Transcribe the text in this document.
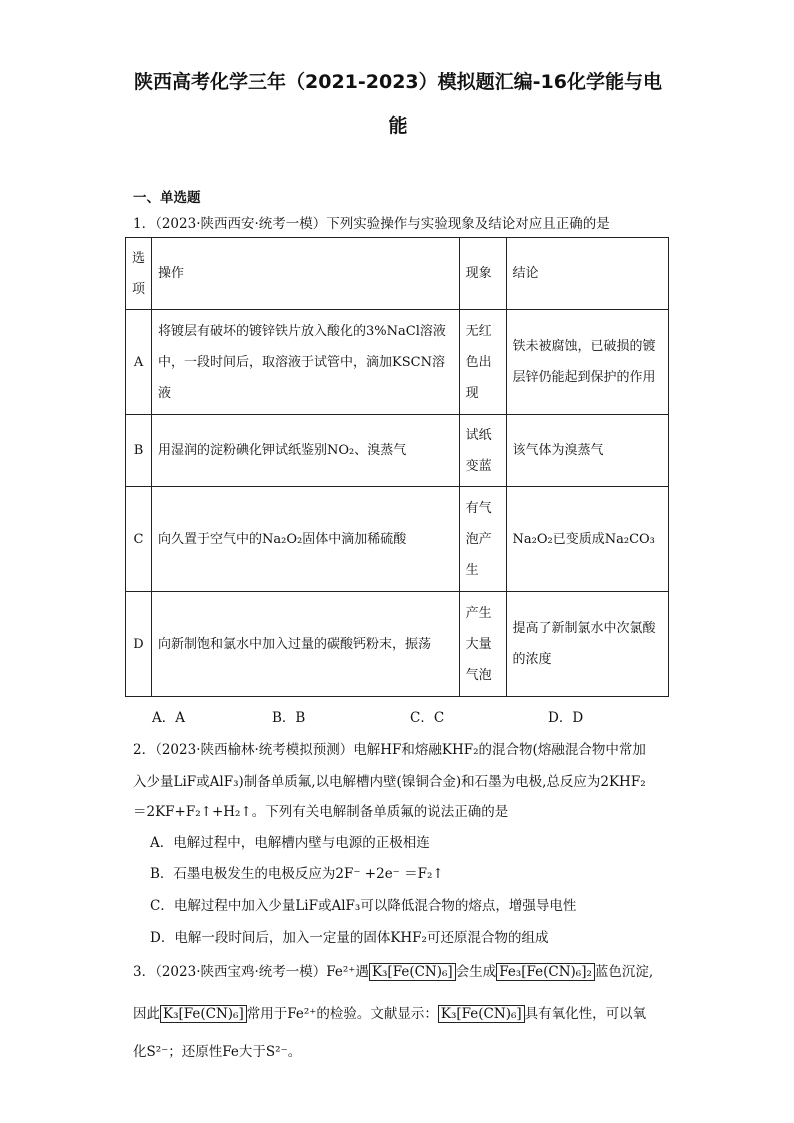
陕西高考化学三年（2021-2023）模拟题汇编-16化学能与电
能
一、单选题
1．（2023·陕西西安·统考一模）下列实验操作与实验现象及结论对应且正确的是
选项	操作	现象	结论
A	将镀层有破坏的镀锌铁片放入酸化的3%NaCl溶液中，一段时间后，取溶液于试管中，滴加KSCN溶液	无红色出现	铁未被腐蚀，已破损的镀层锌仍能起到保护的作用
B	用湿润的淀粉碘化钾试纸鉴别NO₂、溴蒸气	试纸变蓝	该气体为溴蒸气
C	向久置于空气中的Na₂O₂固体中滴加稀硫酸	有气泡产生	Na₂O₂已变质成Na₂CO₃
D	向新制饱和氯水中加入过量的碳酸钙粉末，振荡	产生大量气泡	提高了新制氯水中次氯酸的浓度
A．A	B．B	C．C	D．D
2．（2023·陕西榆林·统考模拟预测）电解HF和熔融KHF₂的混合物(熔融混合物中常加
入少量LiF或AlF₃)制备单质氟,以电解槽内壁(镍铜合金)和石墨为电极,总反应为2KHF₂
＝2KF+F₂↑+H₂↑。下列有关电解制备单质氟的说法正确的是
A．电解过程中，电解槽内壁与电源的正极相连
B．石墨电极发生的电极反应为2F⁻ +2e⁻ ＝F₂↑
C．电解过程中加入少量LiF或AlF₃可以降低混合物的熔点，增强导电性
D．电解一段时间后，加入一定量的固体KHF₂可还原混合物的组成
3．（2023·陕西宝鸡·统考一模）Fe²⁺遇 K₃[Fe(CN)₆] 会生成 Fe₃[Fe(CN)₆]₂ 蓝色沉淀,
因此 K₃[Fe(CN)₆] 常用于Fe²⁺的检验。文献显示： K₃[Fe(CN)₆] 具有氧化性，可以氧
化S²⁻；还原性Fe大于S²⁻。
